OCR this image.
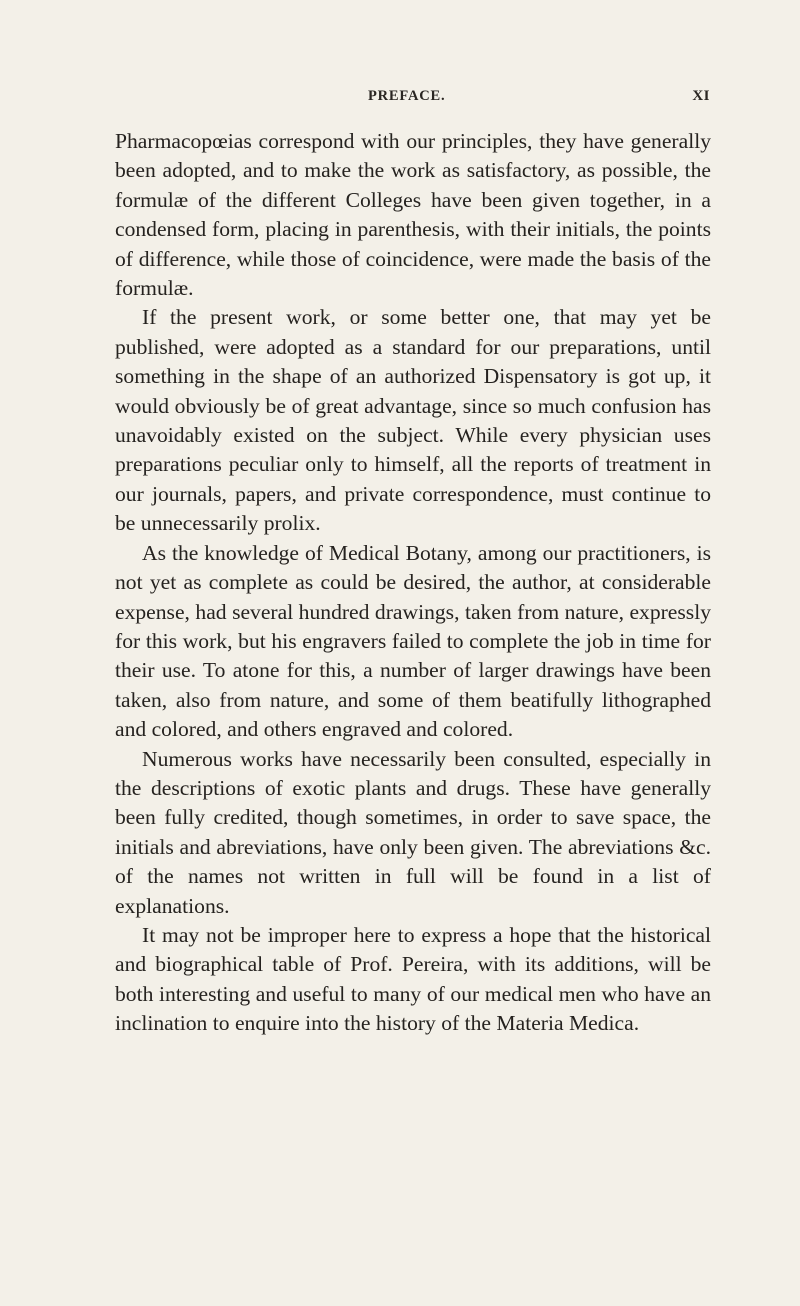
PREFACE.	XI

Pharmacopœias correspond with our principles, they have generally been adopted, and to make the work as satisfactory, as possible, the formulæ of the different Colleges have been given together, in a condensed form, placing in parenthesis, with their initials, the points of difference, while those of coincidence, were made the basis of the formulæ.

If the present work, or some better one, that may yet be published, were adopted as a standard for our preparations, until something in the shape of an authorized Dispensatory is got up, it would obviously be of great advantage, since so much confusion has unavoidably existed on the subject. While every physician uses preparations peculiar only to himself, all the reports of treatment in our journals, papers, and private correspondence, must continue to be unnecessarily prolix.

As the knowledge of Medical Botany, among our practitioners, is not yet as complete as could be desired, the author, at considerable expense, had several hundred drawings, taken from nature, expressly for this work, but his engravers failed to complete the job in time for their use. To atone for this, a number of larger drawings have been taken, also from nature, and some of them beatifully lithographed and colored, and others engraved and colored.

Numerous works have necessarily been consulted, especially in the descriptions of exotic plants and drugs. These have generally been fully credited, though sometimes, in order to save space, the initials and abreviations, have only been given. The abreviations &c. of the names not written in full will be found in a list of explanations.

It may not be improper here to express a hope that the historical and biographical table of Prof. Pereira, with its additions, will be both interesting and useful to many of our medical men who have an inclination to enquire into the history of the Materia Medica.
